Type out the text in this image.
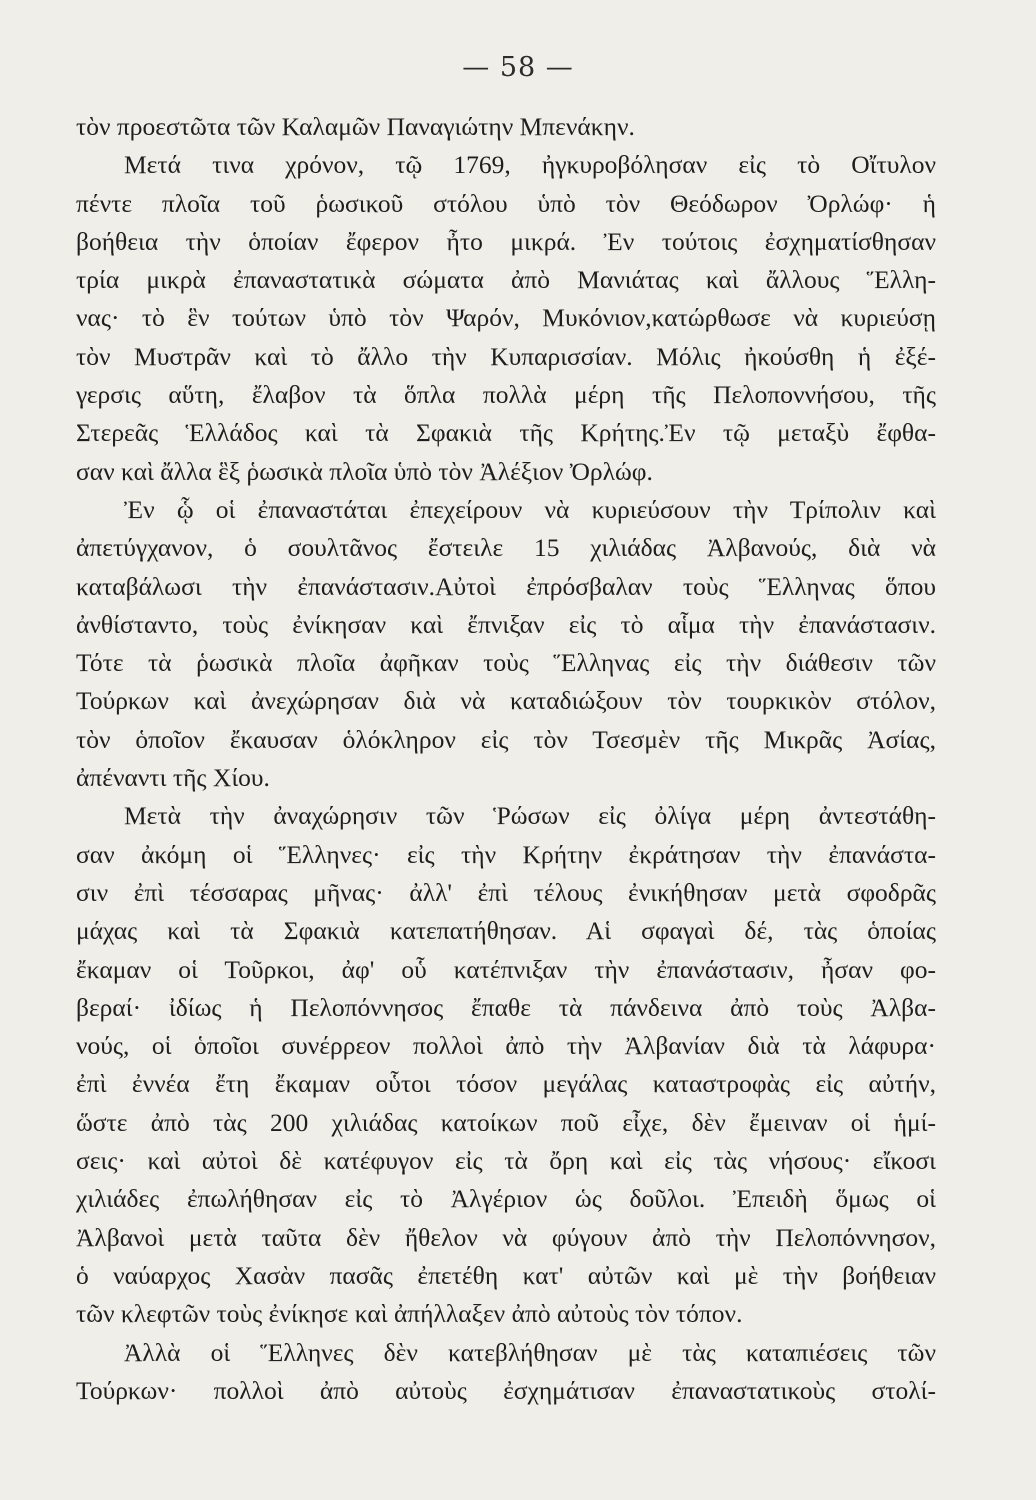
— 58 —
τὸν προεστῶτα τῶν Καλαμῶν Παναγιώτην Μπενάκην.
Μετά τινα χρόνον, τῷ 1769, ἠγκυροβόλησαν εἰς τὸ Οἴτυλον
πέντε πλοῖα τοῦ ῥωσικοῦ στόλου ὑπὸ τὸν Θεόδωρον Ὀρλώφ· ἡ
βοήθεια τὴν ὁποίαν ἔφερον ἦτο μικρά. Ἐν τούτοις ἐσχηματίσθησαν
τρία μικρὰ ἐπαναστατικὰ σώματα ἀπὸ Μανιάτας καὶ ἄλλους Ἕλλη-
νας· τὸ ἓν τούτων ὑπὸ τὸν Ψαρόν, Μυκόνιον,κατώρθωσε νὰ κυριεύσῃ
τὸν Μυστρᾶν καὶ τὸ ἄλλο τὴν Κυπαρισσίαν. Μόλις ἠκούσθη ἡ ἐξέ-
γερσις αὕτη, ἔλαβον τὰ ὅπλα πολλὰ μέρη τῆς Πελοποννήσου, τῆς
Στερεᾶς Ἑλλάδος καὶ τὰ Σφακιὰ τῆς Κρήτης.Ἐν τῷ μεταξὺ ἔφθα-
σαν καὶ ἄλλα ἓξ ῥωσικὰ πλοῖα ὑπὸ τὸν Ἀλέξιον Ὀρλώφ.
Ἐν ᾧ οἱ ἐπαναστάται ἐπεχείρουν νὰ κυριεύσουν τὴν Τρίπολιν καὶ
ἀπετύγχανον, ὁ σουλτᾶνος ἔστειλε 15 χιλιάδας Ἀλβανούς, διὰ νὰ
καταβάλωσι τὴν ἐπανάστασιν.Αὐτοὶ ἐπρόσβαλαν τοὺς Ἕλληνας ὅπου
ἀνθίσταντο, τοὺς ἐνίκησαν καὶ ἔπνιξαν εἰς τὸ αἷμα τὴν ἐπανάστασιν.
Τότε τὰ ῥωσικὰ πλοῖα ἀφῆκαν τοὺς Ἕλληνας εἰς τὴν διάθεσιν τῶν
Τούρκων καὶ ἀνεχώρησαν διὰ νὰ καταδιώξουν τὸν τουρκικὸν στόλον,
τὸν ὁποῖον ἔκαυσαν ὁλόκληρον εἰς τὸν Τσεσμὲν τῆς Μικρᾶς Ἀσίας,
ἀπέναντι τῆς Χίου.
Μετὰ τὴν ἀναχώρησιν τῶν Ῥώσων εἰς ὀλίγα μέρη ἀντεστάθη-
σαν ἀκόμη οἱ Ἕλληνες· εἰς τὴν Κρήτην ἐκράτησαν τὴν ἐπανάστα-
σιν ἐπὶ τέσσαρας μῆνας· ἀλλ' ἐπὶ τέλους ἐνικήθησαν μετὰ σφοδρᾶς
μάχας καὶ τὰ Σφακιὰ κατεπατήθησαν. Αἱ σφαγαὶ δέ, τὰς ὁποίας
ἔκαμαν οἱ Τοῦρκοι, ἀφ' οὗ κατέπνιξαν τὴν ἐπανάστασιν, ἦσαν φο-
βεραί· ἰδίως ἡ Πελοπόννησος ἔπαθε τὰ πάνδεινα ἀπὸ τοὺς Ἀλβα-
νούς, οἱ ὁποῖοι συνέρρεον πολλοὶ ἀπὸ τὴν Ἀλβανίαν διὰ τὰ λάφυρα·
ἐπὶ ἐννέα ἔτη ἔκαμαν οὗτοι τόσον μεγάλας καταστροφὰς εἰς αὐτήν,
ὥστε ἀπὸ τὰς 200 χιλιάδας κατοίκων ποῦ εἶχε, δὲν ἔμειναν οἱ ἡμί-
σεις· καὶ αὐτοὶ δὲ κατέφυγον εἰς τὰ ὄρη καὶ εἰς τὰς νήσους· εἴκοσι
χιλιάδες ἐπωλήθησαν εἰς τὸ Ἀλγέριον ὡς δοῦλοι. Ἐπειδὴ ὅμως οἱ
Ἀλβανοὶ μετὰ ταῦτα δὲν ἤθελον νὰ φύγουν ἀπὸ τὴν Πελοπόννησον,
ὁ ναύαρχος Χασὰν πασᾶς ἐπετέθη κατ' αὐτῶν καὶ μὲ τὴν βοήθειαν
τῶν κλεφτῶν τοὺς ἐνίκησε καὶ ἀπήλλαξεν ἀπὸ αὐτοὺς τὸν τόπον.
Ἀλλὰ οἱ Ἕλληνες δὲν κατεβλήθησαν μὲ τὰς καταπιέσεις τῶν
Τούρκων· πολλοὶ ἀπὸ αὐτοὺς ἐσχημάτισαν ἐπαναστατικοὺς στολί-
